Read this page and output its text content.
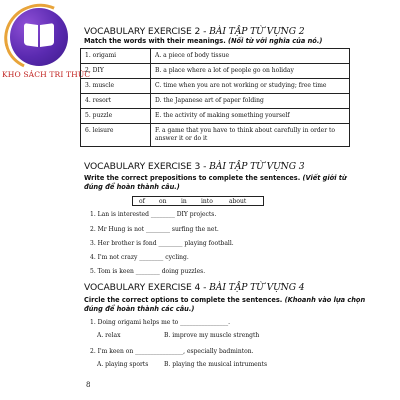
KHO SÁCH TRI THỨC
VOCABULARY EXERCISE 2 - BÀI TẬP TỪ VỰNG 2
Match the words with their meanings. (Nối từ với nghĩa của nó.)
1. origami	A. a piece of body tissue
2. DIY	B. a place where a lot of people go on holiday
3. muscle	C. time when you are not working or studying; free time
4. resort	D. the Japanese art of paper folding
5. puzzle	E. the activity of making something yourself
6. leisure	F. a game that you have to think about carefully in order to answer it or do it
VOCABULARY EXERCISE 3 - BÀI TẬP TỪ VỰNG 3
Write the correct prepositions to complete the sentences. (Viết giới từ đúng để hoàn thành câu.)
of on in into	about
1. Lan is interested ________ DIY projects.
2. Mr Hung is not ________ surfing the net.
3. Her brother is fond ________ playing football.
4. I'm not crazy ________ cycling.
5. Tom is keen ________ doing puzzles.
VOCABULARY EXERCISE 4 - BÀI TẬP TỪ VỰNG 4
Circle the correct options to complete the sentences. (Khoanh vào lựa chọn đúng để hoàn thành các câu.)
1. Doing origami helps me to ________________.
A. relax	B. improve my muscle strength
2. I'm keen on ________________, especially badminton.
A. playing sports	B. playing the musical intruments
8
